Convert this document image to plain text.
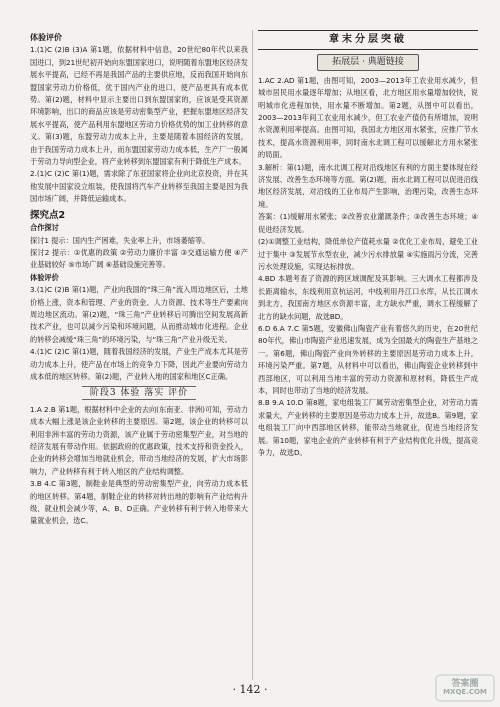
体验评价

1.(1)C (2)B (3)A 第1题，依据材料中信息，20世纪80年代以来我国进口，到21世纪初开始向东盟国家进口，说明随着东盟地区经济发展水平提高，已经不再是我国产品的主要供应地，反而我国开始向东盟国家劳动力价格低，优于国内产业的进口，使产品更具有成本优势。第(2)题，材料中显示主要出口到东盟国家的，应该是受其资源环境影响，出口的商品应该是劳动密集型产业，把握东盟地区经济发展水平提高，使产品利用东盟地区劳动力价格优势的加工业转移的意义。第(3)题，东盟劳动力成本上升，主要是随着本国经济的发展，由于我国劳动力成本上升，而东盟国家劳动力成本低，生产厂一般属于劳动力导向型企业，将产业转移到东盟国家有利于降低生产成本。

2.(1)C (2)C 第(1)题，需求除了东亚国家将企业向北京投资，并在其他发展中国家设立组装，使我国将汽车产业转移至我国主要是因为我国市场广阔，并降低运输成本。

探究点2

合作探讨

探讨1 提示：国内生产困难，失业率上升，市场萎缩等。

探讨2 提示：①优惠的政策 ②劳动力廉价丰富 ③交通运输方便 ④产业基础较好 ⑤市场广阔 ⑥基础设施完善等。

体验评价

3.(1)C (2)B 第(1)题，产业向我国的“珠三角”流入周边地区后，土地价格上涨，资本和管理、产业的资金、人力资源、技术等生产要素向周边地区流动。第(2)题，“珠三角”产业转移后可腾出空间发展高新技术产业，也可以减少污染和环境问题，从而推动城市化进程。企业的转移会减缓“珠三角”的环境污染，与“珠三角”产业升级无关。

4.(1)C (2)C 第(1)题，随着我国经济的发展，产业生产成本尤其是劳动力成本上升，使产品在市场上的竞争力下降，因此产业要向劳动力成本低的地区转移。第(2)题，产业转入地的国家和地区C正确。

阶段3 体验 落实 评价

1.A 2.B 第1题，根据材料中企业的去向(东南亚、非洲)可知，劳动力成本大幅上涨是该企业转移的主要原因。第2题，该企业的转移可以利用非洲丰富的劳动力资源，该产业属于劳动密集型产业，对当地的经济发展有带动作用。依据政府的优惠政策，技术支持和资金投入，企业的转移会增加当地就业机会，带动当地经济的发展，扩大市场影响力，产业转移有利于转入地区的产业结构调整。

3.B 4.C 第3题，制鞋业是典型的劳动密集型产业，向劳动力成本低的地区转移。第4题，制鞋企业的转移对转出地的影响有产业结构升级、就业机会减少等，A、B、D正确。产业转移有利于转入地带来大量就业机会，选C。

章末分层突破
拓展层 · 典题链接

1.AC 2.AD 第1题，由图可知，2003—2013年工农业用水减少，但城市居民用水量逐年增加；从地区看，北方地区用水量增加较快，说明城市化进程加快，用水量不断增加。第2题，从图中可以看出，2003—2013年间工农业用水减少，但工农业产值仍有所增加，说明水资源利用率提高。由图可知，我国北方地区用水紧张，应推广节水技术，提高水资源利用率，同时南水北调工程可以缓解北方用水紧张的局面。

3.解析：第(1)题，南水北调工程对沿线地区有利的方面主要体现在经济发展、改善生态环境等方面。第(2)题，南水北调工程可以促进沿线地区经济发展，对沿线的工业布局产生影响，治理污染，改善生态环境。

答案：(1)缓解用水紧张；②改善农业灌溉条件；③改善生态环境；④促进经济发展。

(2)①调整工业结构，降低单位产值耗水量 ②优化工业布局，避免工业过于集中 ③发展节水型农业，减少污水排放量 ④实施雨污分流，完善污水处理设施，实现达标排放。

4.BD 本题考查了资源的跨区域调配及其影响。三大调水工程都涉及长距离输水，东线利用京杭运河，中线利用丹江口水库，从长江调水到北方，我国南方地区水资源丰富，北方缺水严重，调水工程缓解了北方的缺水问题，故选BD。

6.D 6.A 7.C 第5题，安徽佛山陶瓷产业有着悠久的历史，在20世纪80年代，佛山市陶瓷产业迅速发展，成为全国最大的陶瓷生产基地之一。第6题，佛山陶瓷产业向外转移的主要原因是劳动力成本上升，环境污染严重。第7题，从材料中可以看出，佛山陶瓷企业转移到中西部地区，可以利用当地丰富的劳动力资源和原材料，降低生产成本，同时也带动了当地的经济发展。

8.B 9.A 10.D 第8题，家电组装工厂属劳动密集型企业，对劳动力需求量大，产业转移的主要原因是劳动力成本上升，故选B。第9题，家电组装工厂向中西部地区转移，能带动当地就业，促进当地经济发展。第10题，家电企业的产业转移有利于产业结构优化升级，提高竞争力，故选D。

· 142 ·	答案圈
MXQE.COM
